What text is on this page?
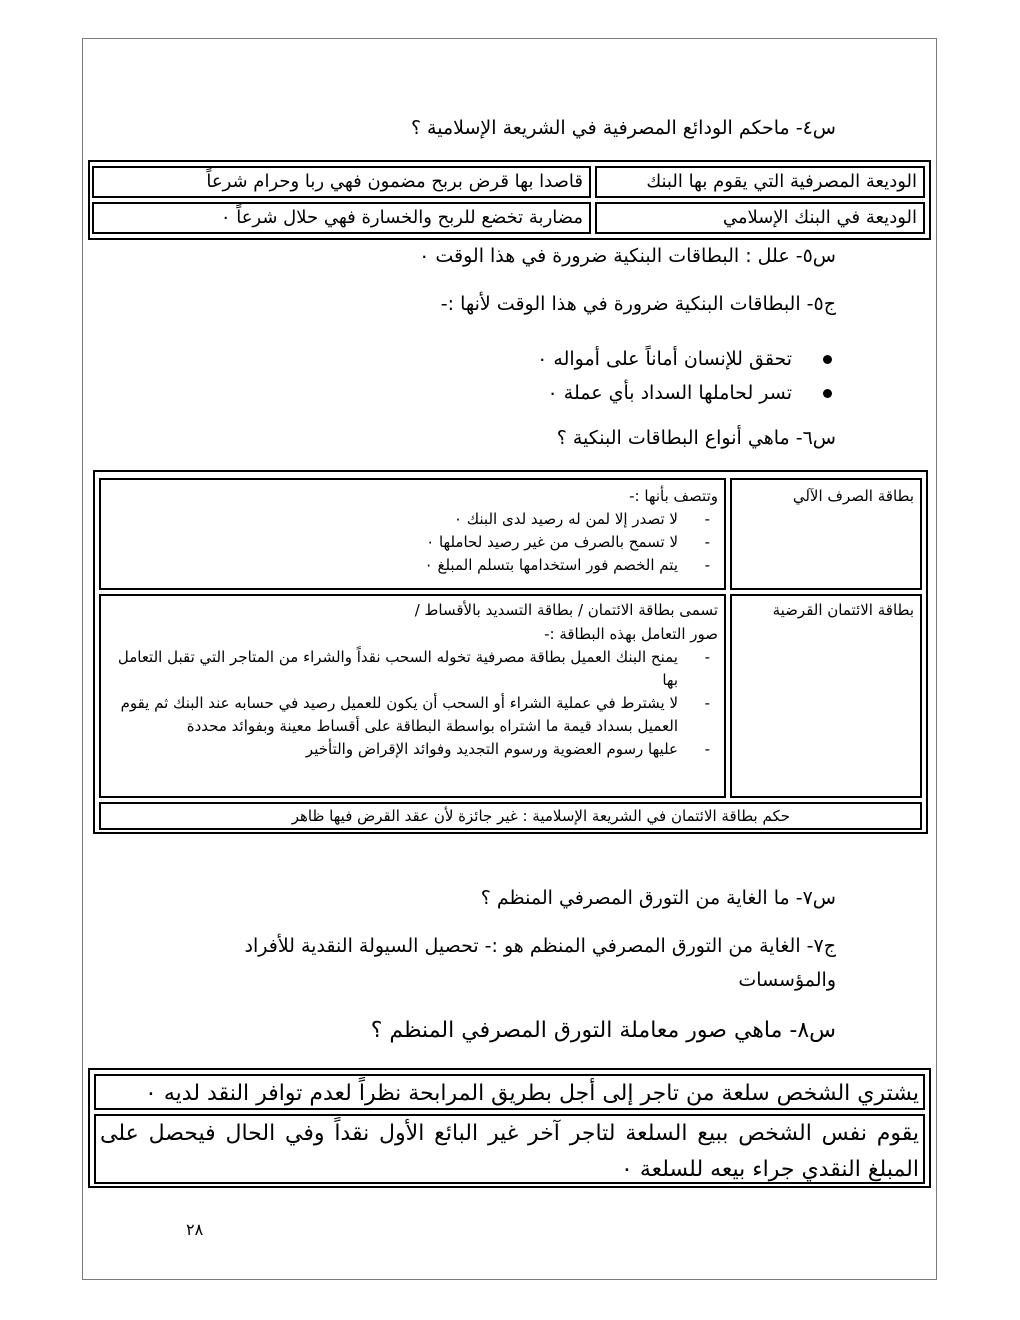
س٤- ماحكم الودائع المصرفية في الشريعة الإسلامية ؟

الوديعة المصرفية التي يقوم بها البنك
قاصدا بها قرض بربح مضمون فهي ربا وحرام شرعاً
الوديعة في البنك الإسلامي
مضاربة تخضع للربح والخسارة فهي حلال شرعاً ٠

س٥- علل : البطاقات البنكية ضرورة في هذا الوقت ٠

ج٥- البطاقات البنكية ضرورة في هذا الوقت لأنها :-

تحقق للإنسان أماناً على أمواله ٠
تسر لحاملها السداد بأي عملة ٠

س٦- ماهي أنواع البطاقات البنكية ؟

بطاقة الصرف الآلي
وتتصف بأنها :-
- لا تصدر إلا لمن له رصيد لدى البنك ٠
- لا تسمح بالصرف من غير رصيد لحاملها ٠
- يتم الخصم فور استخدامها بتسلم المبلغ ٠
بطاقة الائتمان القرضية
تسمى بطاقة الائتمان / بطاقة التسديد بالأقساط /
صور التعامل بهذه البطاقة :-
- يمنح البنك العميل بطاقة مصرفية تخوله السحب نقداً والشراء من المتاجر التي تقبل التعامل بها
- لا يشترط في عملية الشراء أو السحب أن يكون للعميل رصيد في حسابه عند البنك ثم يقوم العميل بسداد قيمة ما اشتراه بواسطة البطاقة على أقساط معينة وبفوائد محددة
- عليها رسوم العضوية ورسوم التجديد وفوائد الإقراض والتأخير
حكم بطاقة الائتمان في الشريعة الإسلامية : غير جائزة لأن عقد القرض فيها ظاهر

س٧- ما الغاية من التورق المصرفي المنظم ؟

ج٧- الغاية من التورق المصرفي المنظم هو :- تحصيل السيولة النقدية للأفراد

والمؤسسات

س٨- ماهي صور معاملة التورق المصرفي المنظم ؟

يشتري الشخص سلعة من تاجر إلى أجل بطريق المرابحة نظراً لعدم توافر النقد لديه ٠
يقوم نفس الشخص ببيع السلعة لتاجر آخر غير البائع الأول نقداً وفي الحال فيحصل على المبلغ النقدي جراء بيعه للسلعة ٠
٢٨
